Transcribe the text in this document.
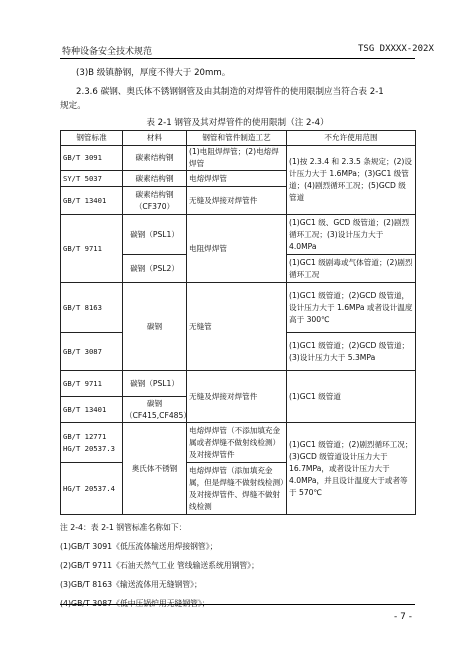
特种设备安全技术规范	TSG DXXXX-202X
(3)B 级镇静钢，厚度不得大于 20mm。
2.3.6 碳钢、奥氏体不锈钢钢管及由其制造的对焊管件的使用限制应当符合表 2-1
规定。
表 2-1 钢管及其对焊管件的使用限制（注 2-4）
钢管标准	材料	钢管和管件制造工艺	不允许使用范围
GB/T 3091	碳素结构钢	(1)电阻焊焊管；(2)电熔焊焊管	(1)按 2.3.4 和 2.3.5 条规定；(2)设计压力大于 1.6MPa；(3)GC1 级管道；(4)剧烈循环工况；(5)GCD 级管道
SY/T 5037	碳素结构钢	电熔焊焊管	
GB/T 13401	碳素结构钢（CF370）	无缝及焊接对焊管件	
GB/T 9711	碳钢（PSL1）	电阻焊焊管	(1)GC1 级、GCD 级管道；(2)剧烈循环工况；(3)设计压力大于 4.0MPa
	碳钢（PSL2）		(1)GC1 级剧毒或气体管道；(2)剧烈循环工况
GB/T 8163	碳钢	无缝管	(1)GC1 级管道；(2)GCD 级管道，设计压力大于 1.6MPa 或者设计温度高于 300℃
GB/T 3087			(1)GC1 级管道；(2)GCD 级管道；(3)设计压力大于 5.3MPa
GB/T 9711	碳钢（PSL1）	无缝及焊接对焊管件	(1)GC1 级管道
GB/T 13401	碳钢（CF415,CF485）		
GB/T 12771 HG/T 20537.3	奥氏体不锈钢	电熔焊焊管（不添加填充金属或者焊缝不做射线检测）及对接焊管件	(1)GC1 级管道；(2)剧烈循环工况；(3)GCD 级管道设计压力大于 16.7MPa，或者设计压力大于 4.0MPa，并且设计温度大于或者等于 570℃
HG/T 20537.4		电熔焊焊管（添加填充金属，但是焊缝不做射线检测）及对接焊管件、焊缝不做射线检测	
注 2-4：表 2-1 钢管标准名称如下：
(1)GB/T 3091《低压流体输送用焊接钢管》；
(2)GB/T 9711《石油天然气工业 管线输送系统用钢管》；
(3)GB/T 8163《输送流体用无缝钢管》；
(4)GB/T 3087《低中压锅炉用无缝钢管》；
- 7 -
